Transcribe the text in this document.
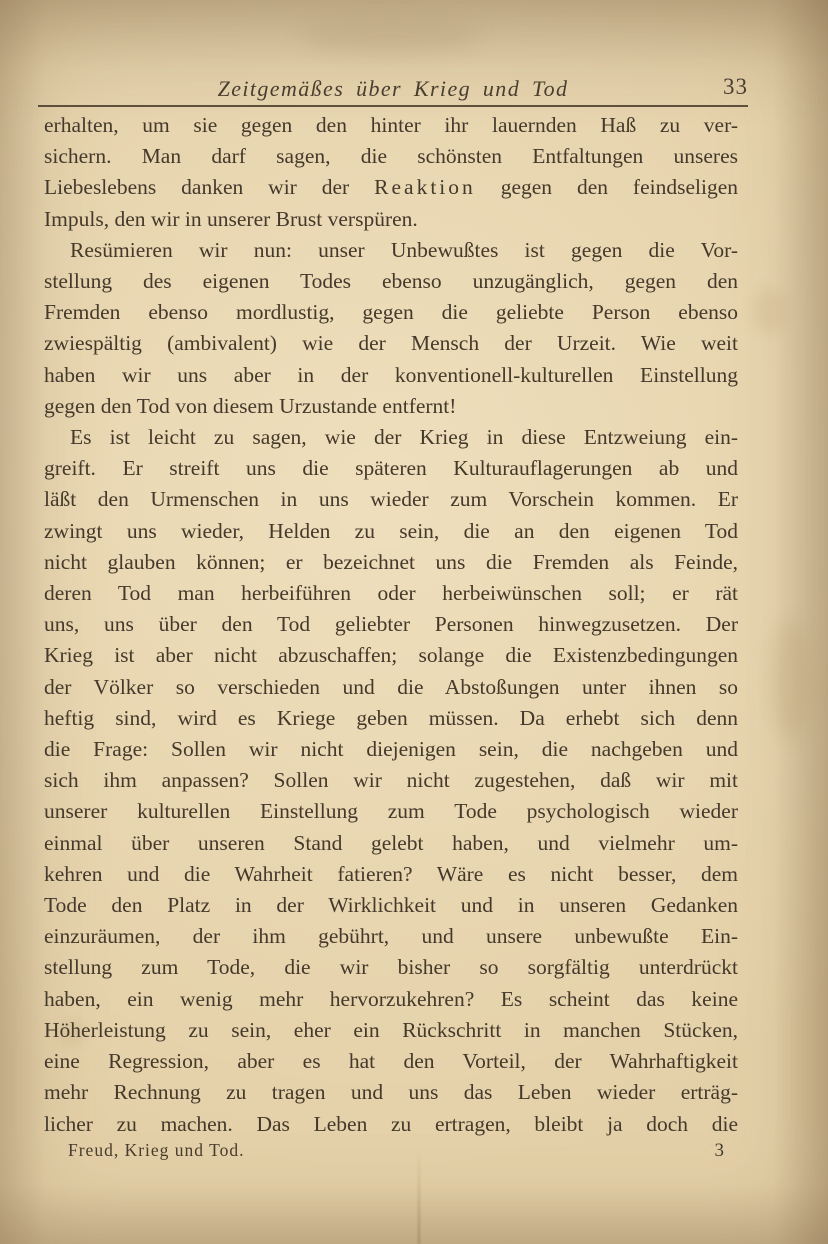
Zeitgemäßes über Krieg und Tod	33
erhalten, um sie gegen den hinter ihr lauernden Haß zu ver-
sichern. Man darf sagen, die schönsten Entfaltungen unseres
Liebeslebens danken wir der Reaktion gegen den feindseligen
Impuls, den wir in unserer Brust verspüren.
Resümieren wir nun: unser Unbewußtes ist gegen die Vor-
stellung des eigenen Todes ebenso unzugänglich, gegen den
Fremden ebenso mordlustig, gegen die geliebte Person ebenso
zwiespältig (ambivalent) wie der Mensch der Urzeit. Wie weit
haben wir uns aber in der konventionell-kulturellen Einstellung
gegen den Tod von diesem Urzustande entfernt!
Es ist leicht zu sagen, wie der Krieg in diese Entzweiung ein-
greift. Er streift uns die späteren Kulturauflagerungen ab und
läßt den Urmenschen in uns wieder zum Vorschein kommen. Er
zwingt uns wieder, Helden zu sein, die an den eigenen Tod
nicht glauben können; er bezeichnet uns die Fremden als Feinde,
deren Tod man herbeiführen oder herbeiwünschen soll; er rät
uns, uns über den Tod geliebter Personen hinwegzusetzen. Der
Krieg ist aber nicht abzuschaffen; solange die Existenzbedingungen
der Völker so verschieden und die Abstoßungen unter ihnen so
heftig sind, wird es Kriege geben müssen. Da erhebt sich denn
die Frage: Sollen wir nicht diejenigen sein, die nachgeben und
sich ihm anpassen? Sollen wir nicht zugestehen, daß wir mit
unserer kulturellen Einstellung zum Tode psychologisch wieder
einmal über unseren Stand gelebt haben, und vielmehr um-
kehren und die Wahrheit fatieren? Wäre es nicht besser, dem
Tode den Platz in der Wirklichkeit und in unseren Gedanken
einzuräumen, der ihm gebührt, und unsere unbewußte Ein-
stellung zum Tode, die wir bisher so sorgfältig unterdrückt
haben, ein wenig mehr hervorzukehren? Es scheint das keine
Höherleistung zu sein, eher ein Rückschritt in manchen Stücken,
eine Regression, aber es hat den Vorteil, der Wahrhaftigkeit
mehr Rechnung zu tragen und uns das Leben wieder erträg-
licher zu machen. Das Leben zu ertragen, bleibt ja doch die
Freud, Krieg und Tod.	3
